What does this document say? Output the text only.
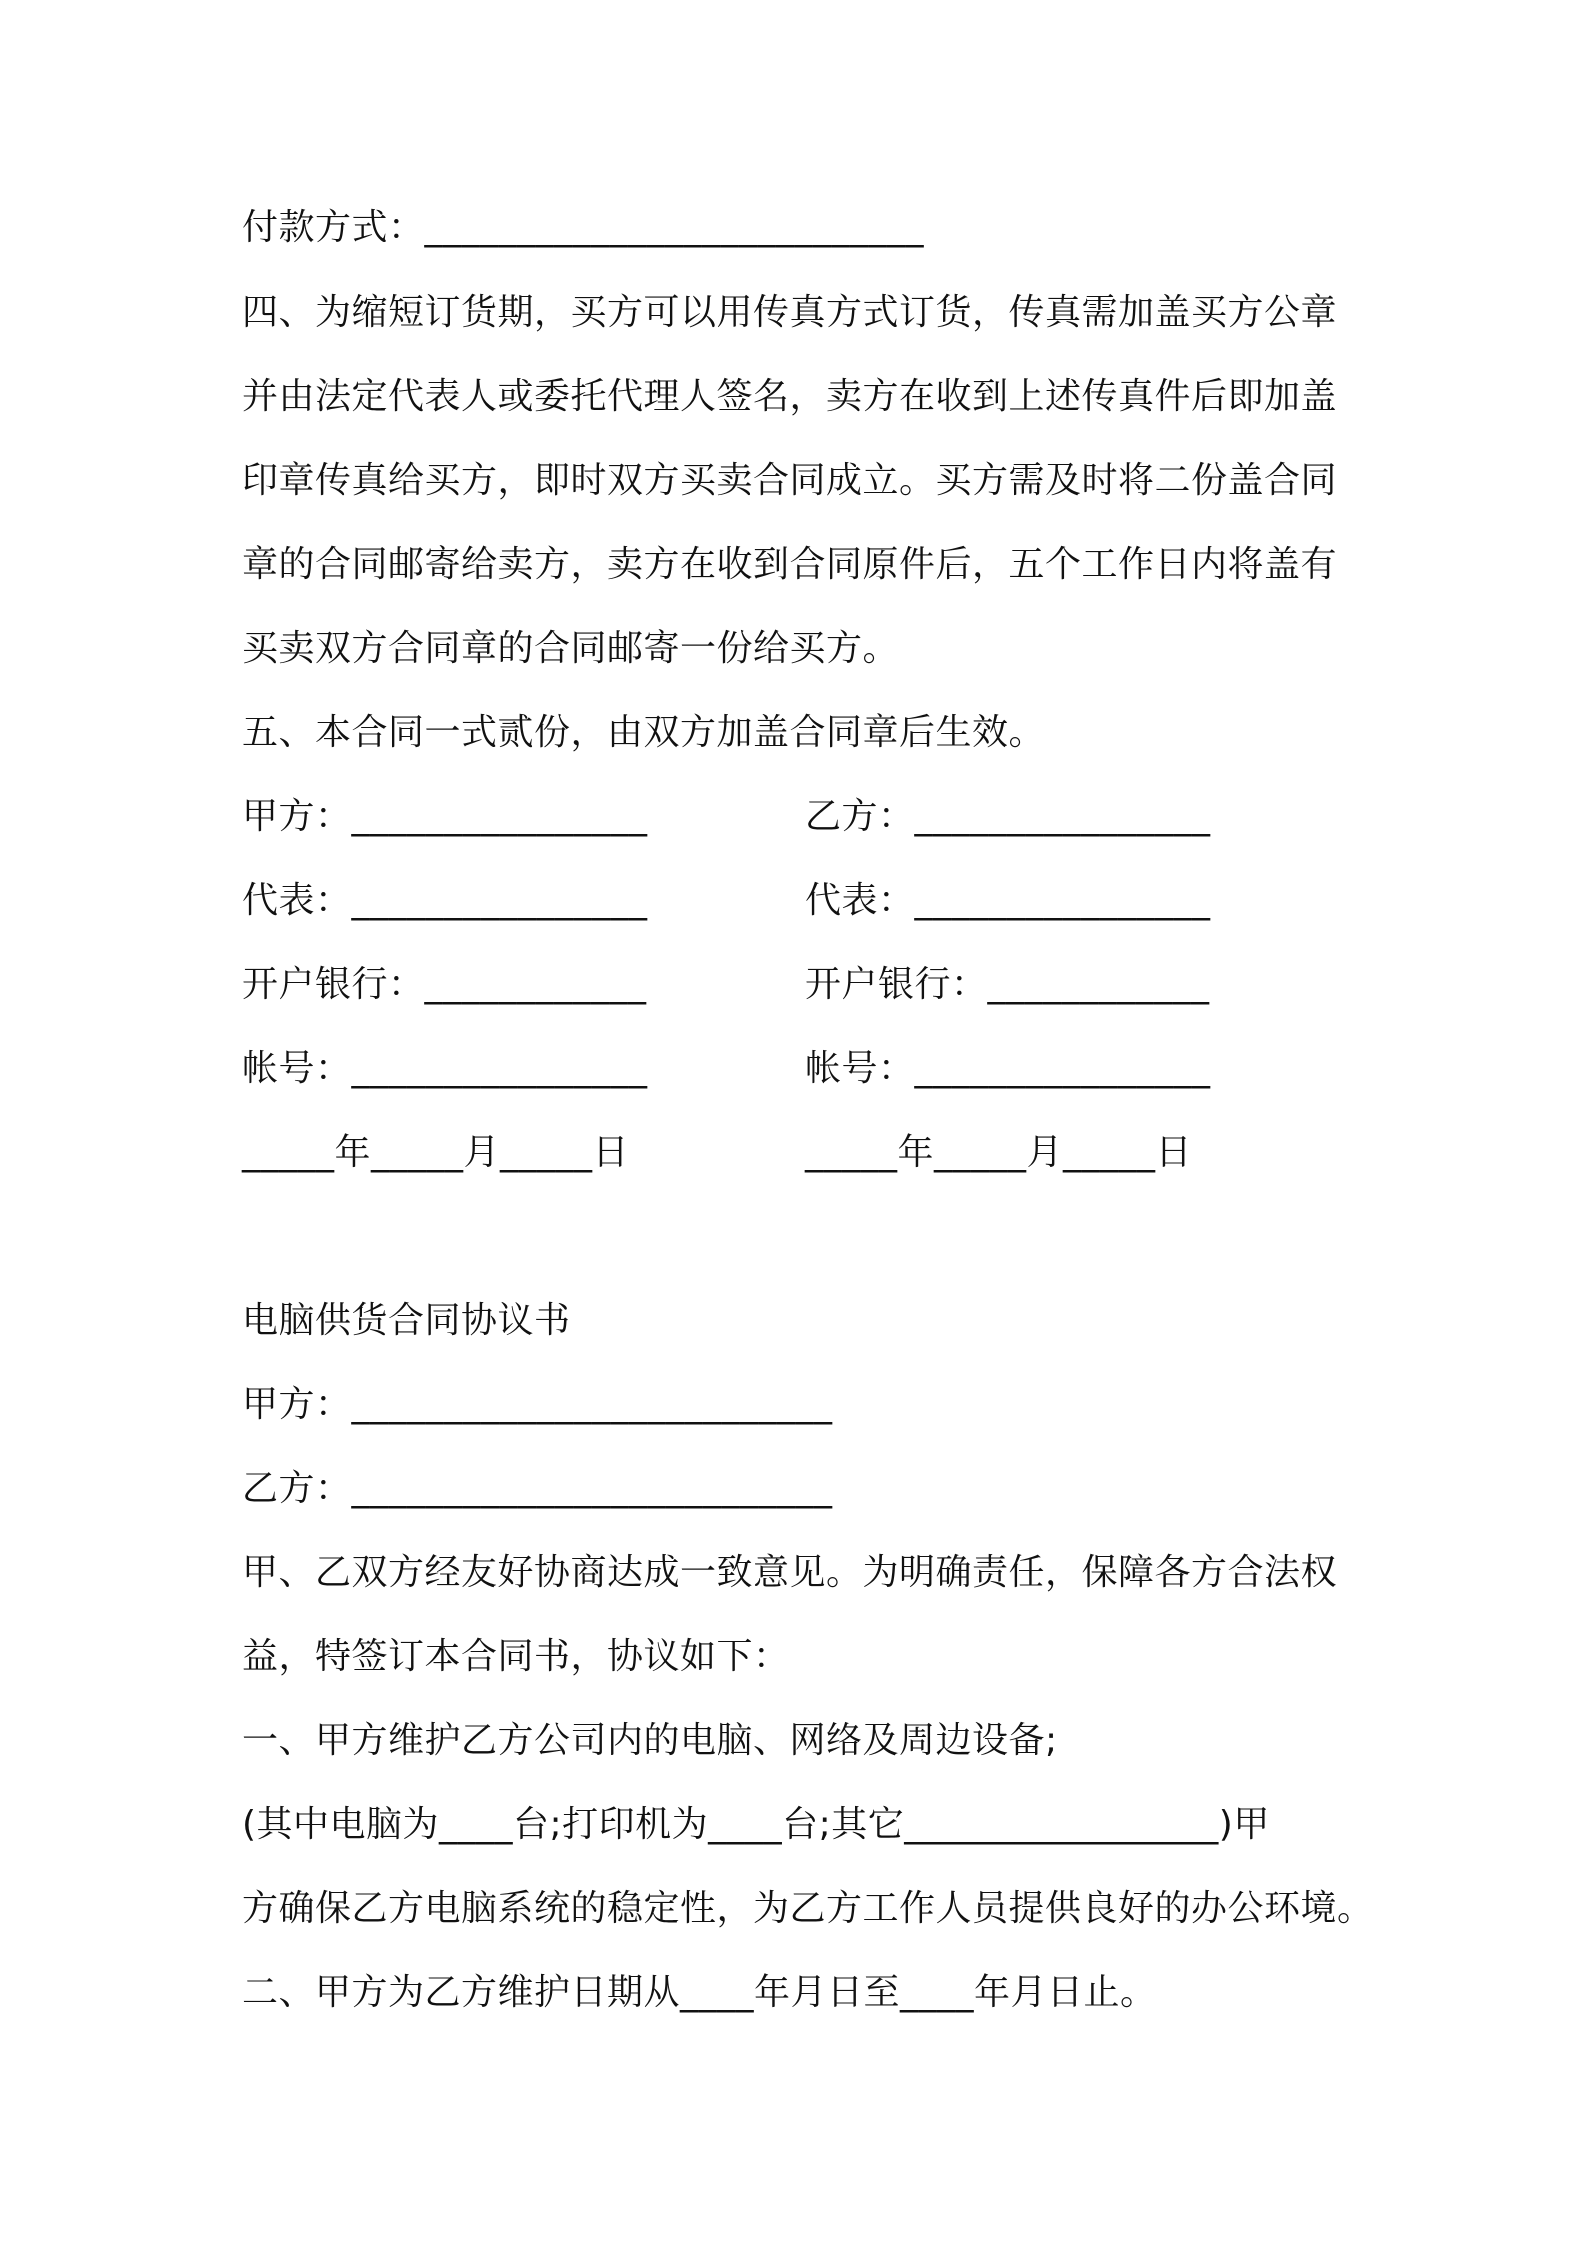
付款方式：___________________________
四、为缩短订货期，买方可以用传真方式订货，传真需加盖买方公章
并由法定代表人或委托代理人签名，卖方在收到上述传真件后即加盖
印章传真给买方，即时双方买卖合同成立。买方需及时将二份盖合同
章的合同邮寄给卖方，卖方在收到合同原件后，五个工作日内将盖有
买卖双方合同章的合同邮寄一份给买方。
五、本合同一式贰份，由双方加盖合同章后生效。
甲方：________________	乙方：________________
代表：________________	代表：________________
开户银行：____________	开户银行：____________
帐号：________________	帐号：________________
_____年_____月_____日	_____年_____月_____日
电脑供货合同协议书
甲方：__________________________
乙方：__________________________
甲、乙双方经友好协商达成一致意见。为明确责任，保障各方合法权
益，特签订本合同书，协议如下：
一、甲方维护乙方公司内的电脑、网络及周边设备;
(其中电脑为____台;打印机为____台;其它_________________)甲
方确保乙方电脑系统的稳定性，为乙方工作人员提供良好的办公环境。
二、甲方为乙方维护日期从____年月日至____年月日止。
